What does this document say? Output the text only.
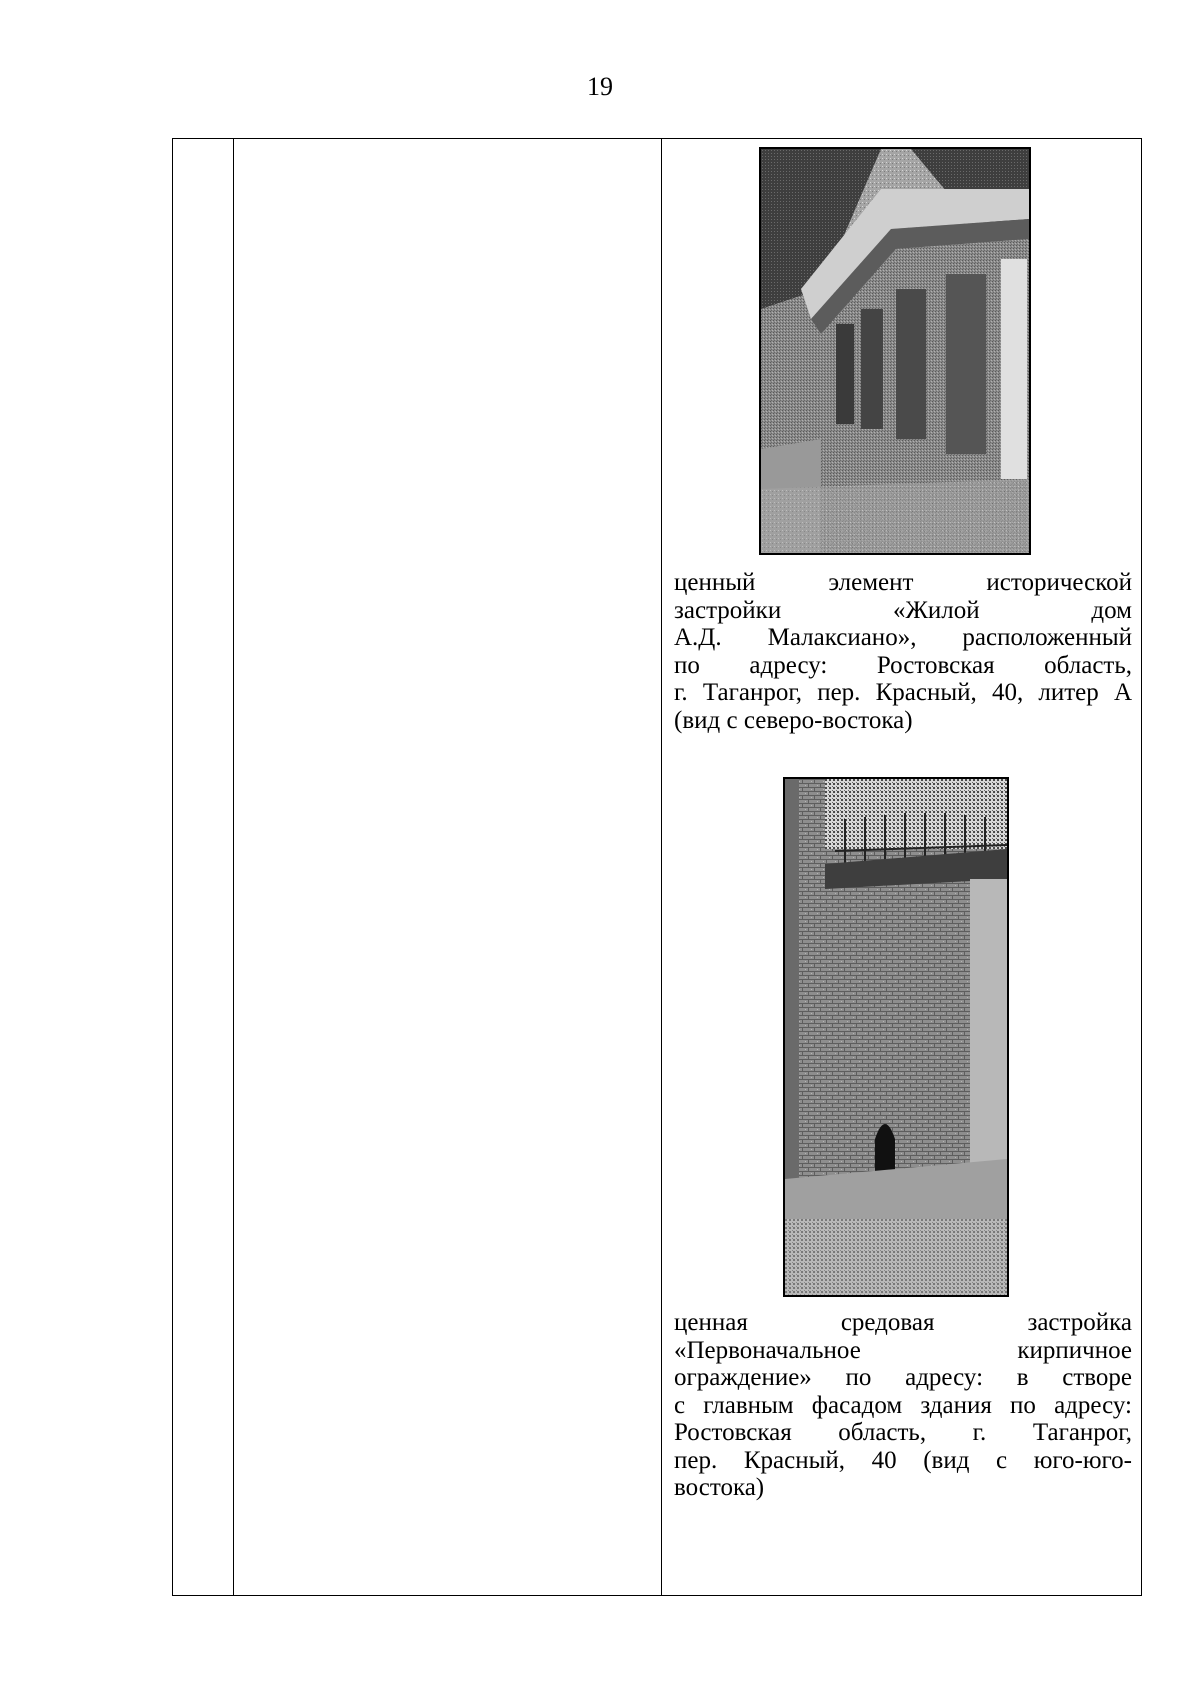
19
ценный элемент исторической
застройки «Жилой дом
А.Д. Малаксиано», расположенный
по адресу: Ростовская область,
г. Таганрог, пер. Красный, 40, литер А
(вид с северо-востока)
ценная средовая застройка
«Первоначальное кирпичное
ограждение» по адресу: в створе
с главным фасадом здания по адресу:
Ростовская область, г. Таганрог,
пер. Красный, 40 (вид с юго-юго-
востока)
